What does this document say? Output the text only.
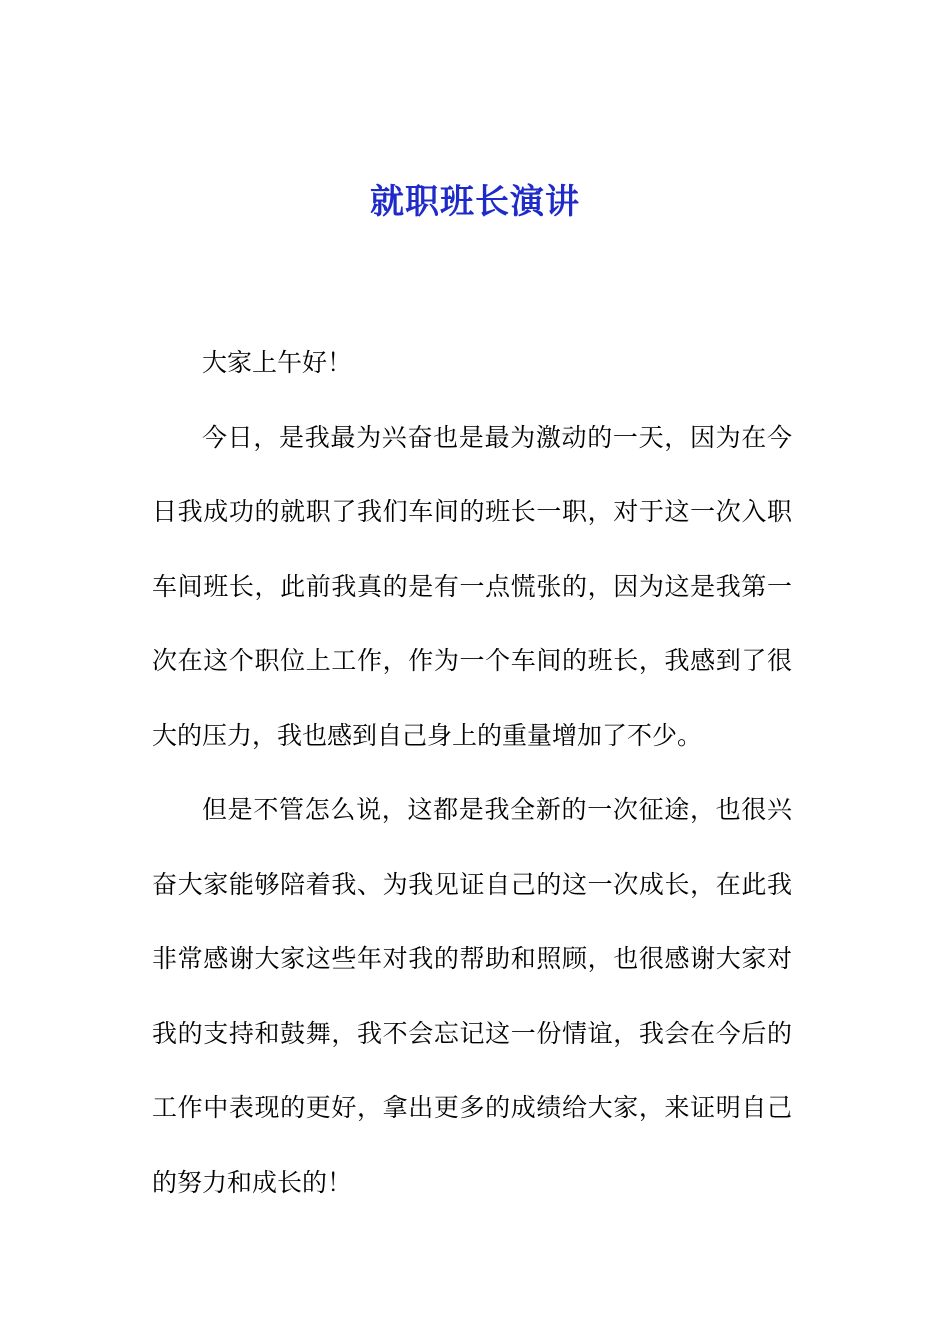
就职班长演讲

大家上午好！

今日，是我最为兴奋也是最为激动的一天，因为在今日我成功的就职了我们车间的班长一职，对于这一次入职车间班长，此前我真的是有一点慌张的，因为这是我第一次在这个职位上工作，作为一个车间的班长，我感到了很大的压力，我也感到自己身上的重量增加了不少。

但是不管怎么说，这都是我全新的一次征途，也很兴奋大家能够陪着我、为我见证自己的这一次成长，在此我非常感谢大家这些年对我的帮助和照顾，也很感谢大家对我的支持和鼓舞，我不会忘记这一份情谊，我会在今后的工作中表现的更好，拿出更多的成绩给大家，来证明自己的努力和成长的！
